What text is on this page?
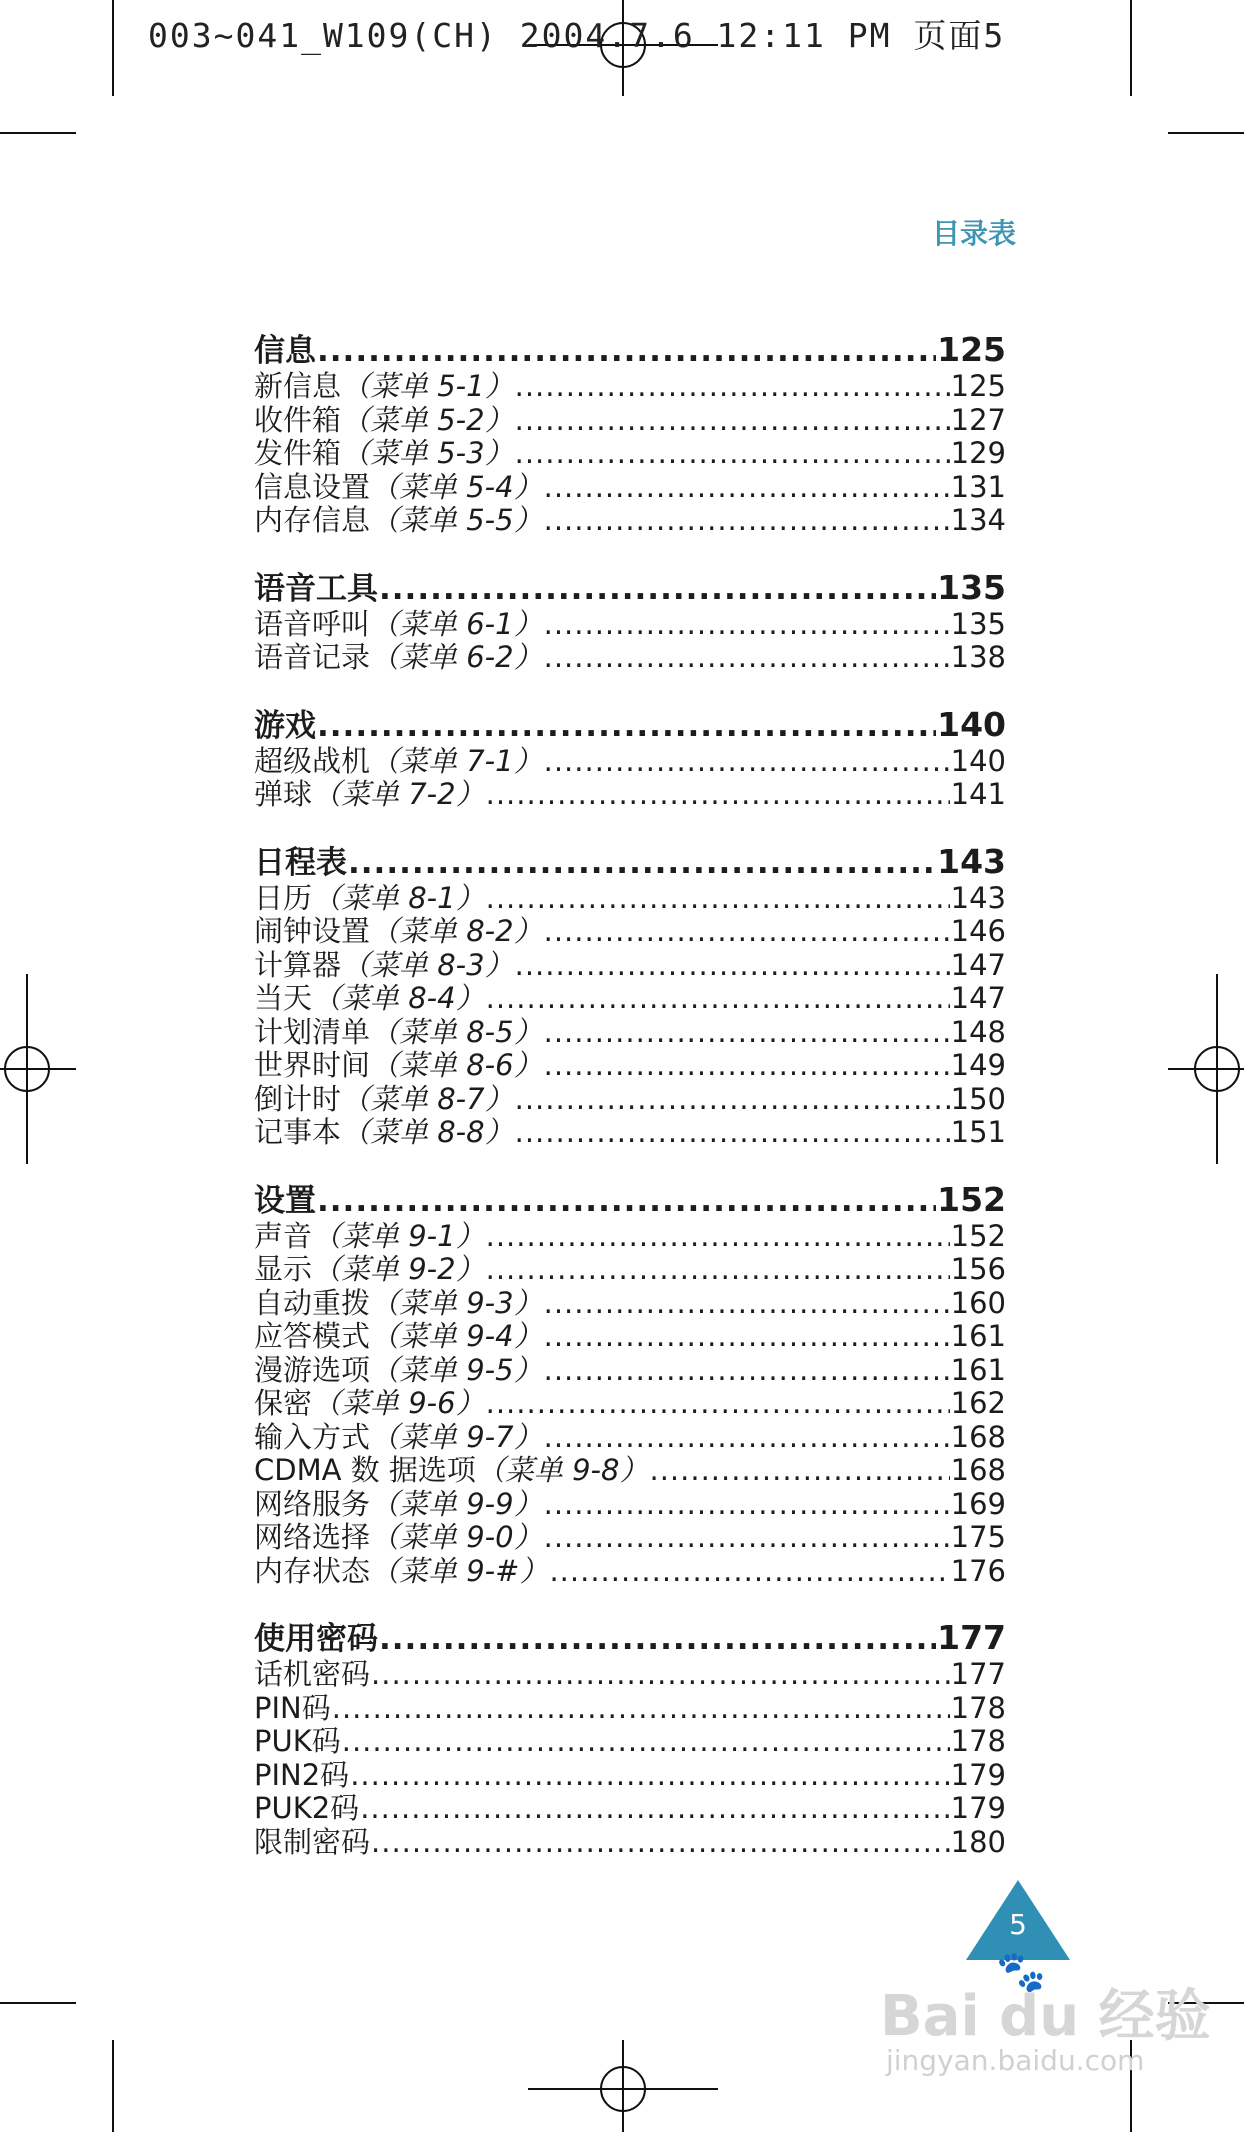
003~041_W109(CH) 2004.7.6 12:11 PM 页面5
目录表
信息 .....	125
新信息 （菜单 5-1） .....	125
收件箱 （菜单 5-2） .....	127
发件箱 （菜单 5-3） .....	129
信息设置 （菜单 5-4） .....	131
内存信息 （菜单 5-5） .....	134
语音工具 .....	135
语音呼叫 （菜单 6-1） .....	135
语音记录 （菜单 6-2） .....	138
游戏 .....	140
超级战机 （菜单 7-1） .....	140
弹球 （菜单 7-2） .....	141
日程表 .....	143
日历 （菜单 8-1） .....	143
闹钟设置 （菜单 8-2） .....	146
计算器 （菜单 8-3） .....	147
当天 （菜单 8-4） .....	147
计划清单 （菜单 8-5） .....	148
世界时间 （菜单 8-6） .....	149
倒计时 （菜单 8-7） .....	150
记事本 （菜单 8-8） .....	151
设置 .....	152
声音 （菜单 9-1） .....	152
显示 （菜单 9-2） .....	156
自动重拨 （菜单 9-3） .....	160
应答模式 （菜单 9-4） .....	161
漫游选项 （菜单 9-5） .....	161
保密 （菜单 9-6） .....	162
输入方式 （菜单 9-7） .....	168
CDMA 数 据选项 （菜单 9-8） .....	168
网络服务 （菜单 9-9） .....	169
网络选择 （菜单 9-0） .....	175
内存状态 （菜单 9-#） .....	176
使用密码 .....	177
话机密码 .....	177
PIN码 .....	178
PUK码 .....	178
PIN2码 .....	179
PUK2码 .....	179
限制密码 .....	180
5
🐾
Bai du 经验
jingyan.baidu.com
